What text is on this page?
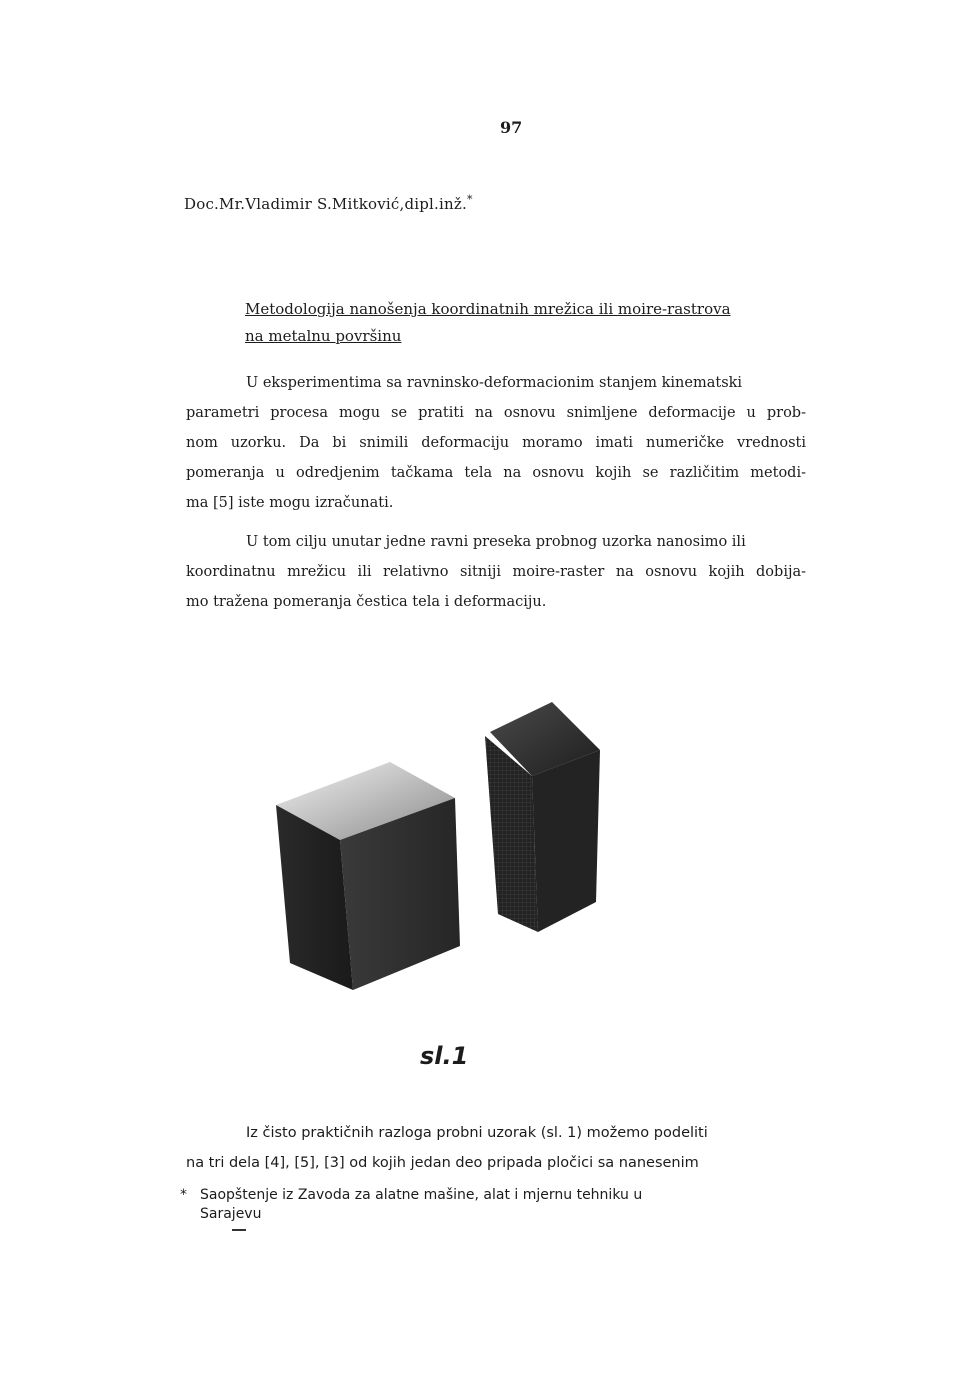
97
Doc.Mr.Vladimir S.Mitković,dipl.inž.*
Metodologija nanošenja koordinatnih mrežica ili moire-rastrova
na metalnu površinu
U eksperimentima sa ravninsko-deformacionim stanjem kinematski
parametri procesa mogu se pratiti na osnovu snimljene deformacije u prob-
nom uzorku. Da bi snimili deformaciju moramo imati numeričke vrednosti
pomeranja u odredjenim tačkama tela na osnovu kojih se različitim metodi-
ma [5] iste mogu izračunati.
U tom cilju unutar jedne ravni preseka probnog uzorka nanosimo ili
koordinatnu mrežicu ili relativno sitniji moire-raster na osnovu kojih dobija-
mo tražena pomeranja čestica tela i deformaciju.
sl.1
Iz čisto praktičnih razloga probni uzorak (sl. 1) možemo podeliti
na tri dela [4], [5], [3] od kojih jedan deo pripada pločici sa nanesenim
* Saopštenje iz Zavoda za alatne mašine, alat i mjernu tehniku u
Sarajevu
